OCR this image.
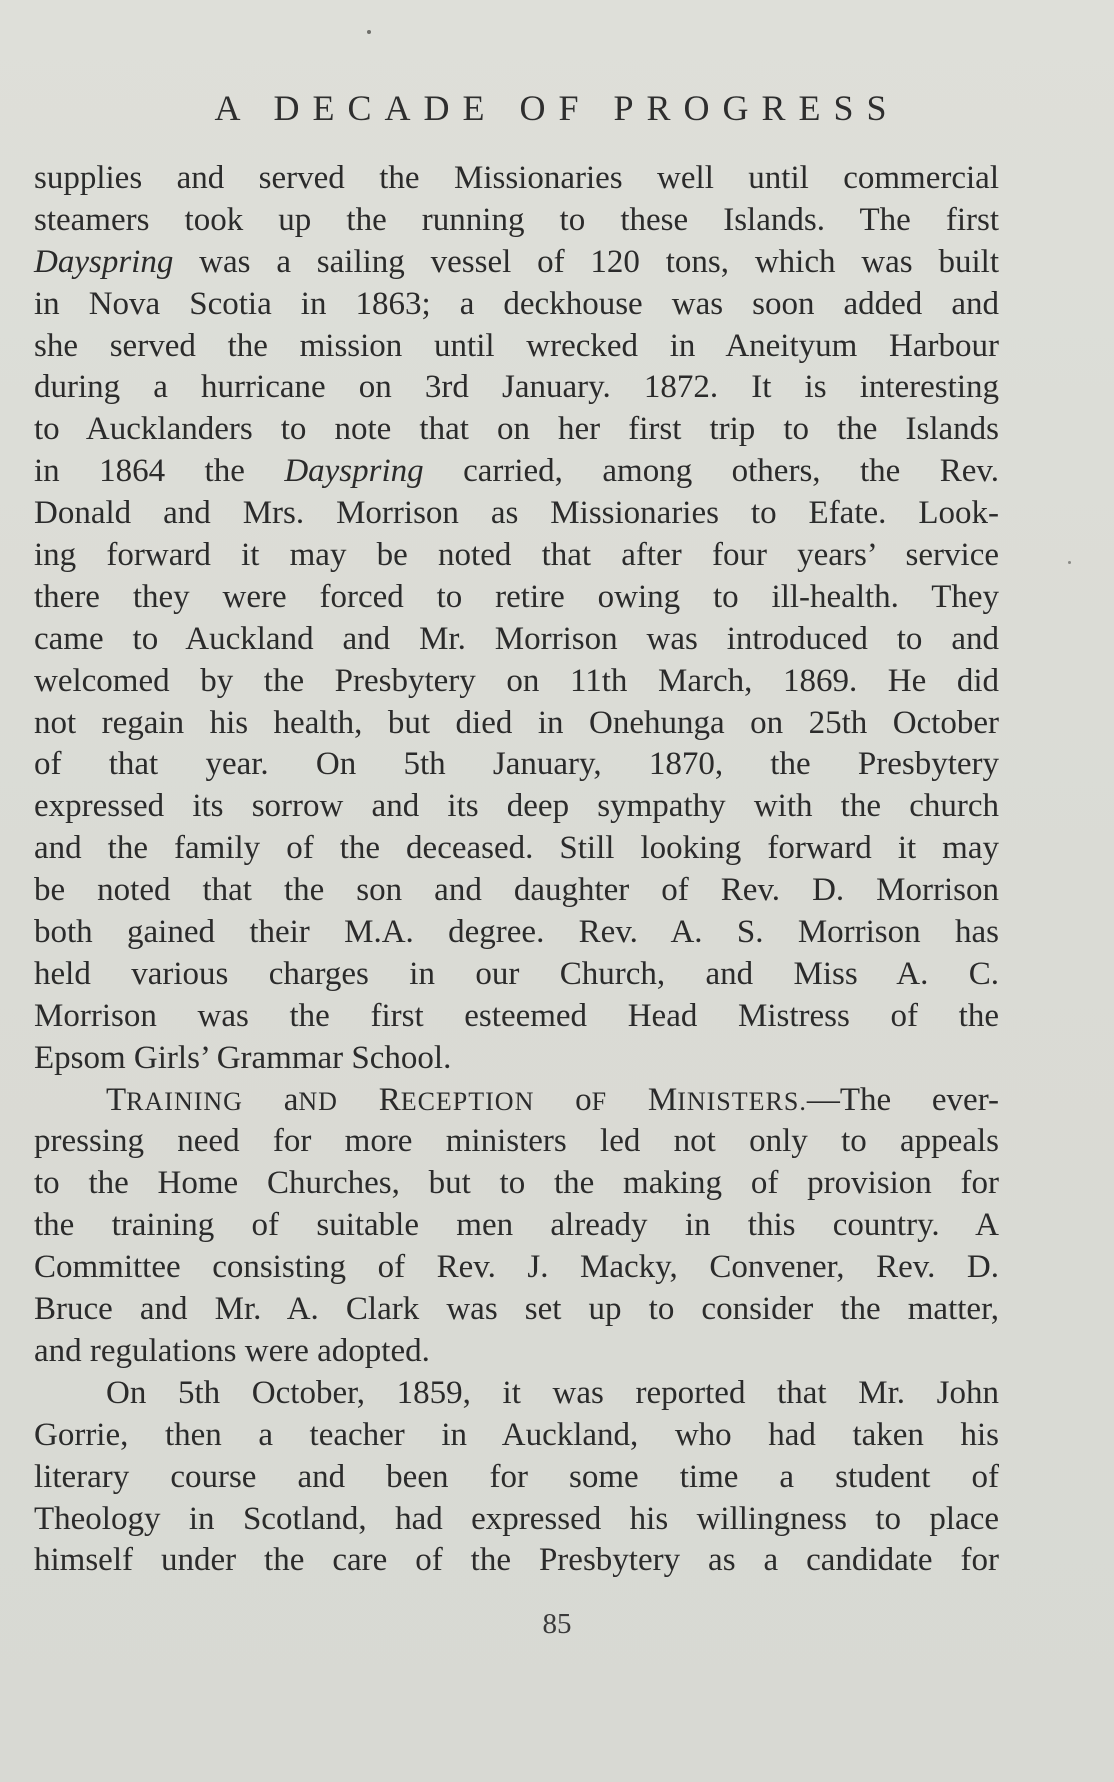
A DECADE OF PROGRESS
supplies and served the Missionaries well until commercial
steamers took up the running to these Islands. The first
Dayspring was a sailing vessel of 120 tons, which was built
in Nova Scotia in 1863; a deckhouse was soon added and
she served the mission until wrecked in Aneityum Harbour
during a hurricane on 3rd January. 1872. It is interesting
to Aucklanders to note that on her first trip to the Islands
in 1864 the Dayspring carried, among others, the Rev.
Donald and Mrs. Morrison as Missionaries to Efate. Look-
ing forward it may be noted that after four years’ service
there they were forced to retire owing to ill-health. They
came to Auckland and Mr. Morrison was introduced to and
welcomed by the Presbytery on 11th March, 1869. He did
not regain his health, but died in Onehunga on 25th October
of that year. On 5th January, 1870, the Presbytery
expressed its sorrow and its deep sympathy with the church
and the family of the deceased. Still looking forward it may
be noted that the son and daughter of Rev. D. Morrison
both gained their M.A. degree. Rev. A. S. Morrison has
held various charges in our Church, and Miss A. C.
Morrison was the first esteemed Head Mistress of the
Epsom Girls’ Grammar School.
TRAINING aND RECEPTION oF MINISTERS.—The ever-
pressing need for more ministers led not only to appeals
to the Home Churches, but to the making of provision for
the training of suitable men already in this country. A
Committee consisting of Rev. J. Macky, Convener, Rev. D.
Bruce and Mr. A. Clark was set up to consider the matter,
and regulations were adopted.
On 5th October, 1859, it was reported that Mr. John
Gorrie, then a teacher in Auckland, who had taken his
literary course and been for some time a student of
Theology in Scotland, had expressed his willingness to place
himself under the care of the Presbytery as a candidate for
85
